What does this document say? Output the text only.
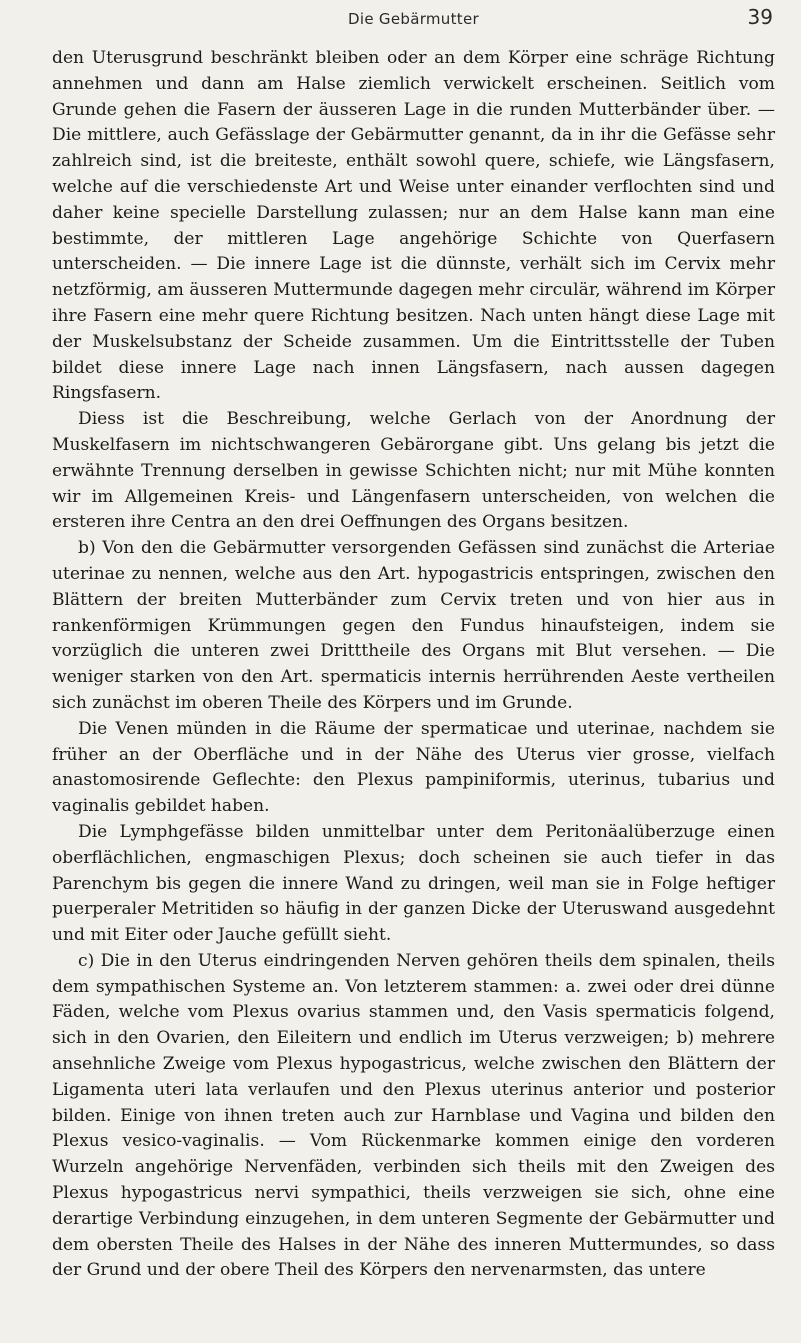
Die Gebärmutter	39

den Uterusgrund beschränkt bleiben oder an dem Körper eine schräge Richtung annehmen und dann am Halse ziemlich verwickelt erscheinen. Seitlich vom Grunde gehen die Fasern der äusseren Lage in die runden Mutterbänder über. — Die mittlere, auch Gefässlage der Gebärmutter genannt, da in ihr die Gefässe sehr zahlreich sind, ist die breiteste, enthält sowohl quere, schiefe, wie Längsfasern, welche auf die verschiedenste Art und Weise unter einander verflochten sind und daher keine specielle Darstellung zulassen; nur an dem Halse kann man eine bestimmte, der mittleren Lage angehörige Schichte von Querfasern unterscheiden. — Die innere Lage ist die dünnste, verhält sich im Cervix mehr netzförmig, am äusseren Muttermunde dagegen mehr circulär, während im Körper ihre Fasern eine mehr quere Richtung besitzen. Nach unten hängt diese Lage mit der Muskelsubstanz der Scheide zusammen. Um die Eintrittsstelle der Tuben bildet diese innere Lage nach innen Längsfasern, nach aussen dagegen Ringsfasern.

Diess ist die Beschreibung, welche Gerlach von der Anordnung der Muskelfasern im nichtschwangeren Gebärorgane gibt. Uns gelang bis jetzt die erwähnte Trennung derselben in gewisse Schichten nicht; nur mit Mühe konnten wir im Allgemeinen Kreis- und Längenfasern unterscheiden, von welchen die ersteren ihre Centra an den drei Oeffnungen des Organs besitzen.

b) Von den die Gebärmutter versorgenden Gefässen sind zunächst die Arteriae uterinae zu nennen, welche aus den Art. hypogastricis entspringen, zwischen den Blättern der breiten Mutterbänder zum Cervix treten und von hier aus in rankenförmigen Krümmungen gegen den Fundus hinaufsteigen, indem sie vorzüglich die unteren zwei Dritttheile des Organs mit Blut versehen. — Die weniger starken von den Art. spermaticis internis herrührenden Aeste vertheilen sich zunächst im oberen Theile des Körpers und im Grunde.

Die Venen münden in die Räume der spermaticae und uterinae, nachdem sie früher an der Oberfläche und in der Nähe des Uterus vier grosse, vielfach anastomosirende Geflechte: den Plexus pampiniformis, uterinus, tubarius und vaginalis gebildet haben.

Die Lymphgefässe bilden unmittelbar unter dem Peritonäalüberzuge einen oberflächlichen, engmaschigen Plexus; doch scheinen sie auch tiefer in das Parenchym bis gegen die innere Wand zu dringen, weil man sie in Folge heftiger puerperaler Metritiden so häufig in der ganzen Dicke der Uteruswand ausgedehnt und mit Eiter oder Jauche gefüllt sieht.

c) Die in den Uterus eindringenden Nerven gehören theils dem spinalen, theils dem sympathischen Systeme an. Von letzterem stammen: a. zwei oder drei dünne Fäden, welche vom Plexus ovarius stammen und, den Vasis spermaticis folgend, sich in den Ovarien, den Eileitern und endlich im Uterus verzweigen; b) mehrere ansehnliche Zweige vom Plexus hypogastricus, welche zwischen den Blättern der Ligamenta uteri lata verlaufen und den Plexus uterinus anterior und posterior bilden. Einige von ihnen treten auch zur Harnblase und Vagina und bilden den Plexus vesico-vaginalis. — Vom Rückenmarke kommen einige den vorderen Wurzeln angehörige Nervenfäden, verbinden sich theils mit den Zweigen des Plexus hypogastricus nervi sympathici, theils verzweigen sie sich, ohne eine derartige Verbindung einzugehen, in dem unteren Segmente der Gebärmutter und dem obersten Theile des Halses in der Nähe des inneren Muttermundes, so dass der Grund und der obere Theil des Körpers den nervenarmsten, das untere
